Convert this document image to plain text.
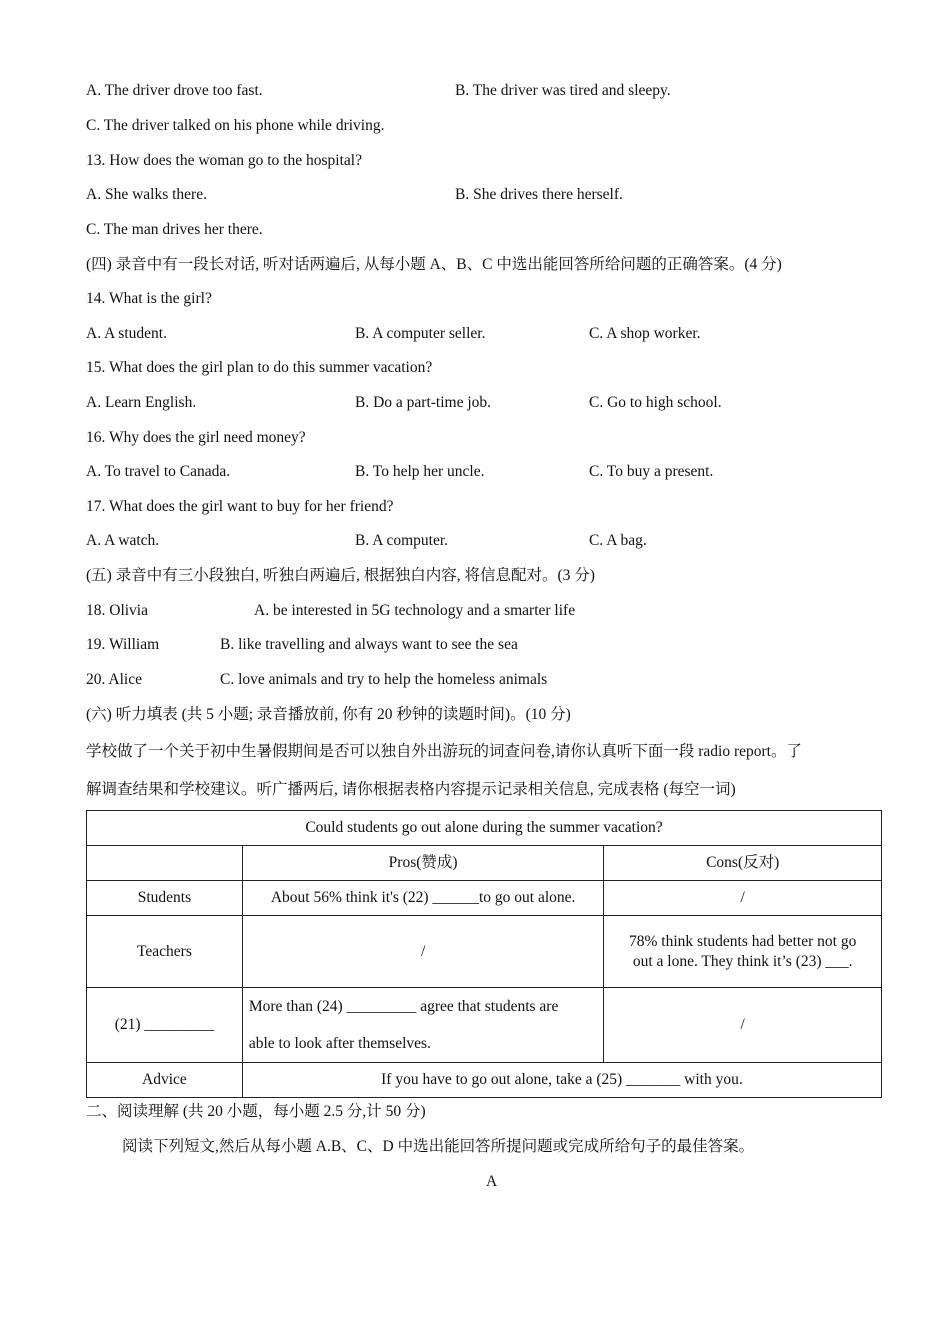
A. The driver drove too fast.	B. The driver was tired and sleepy.
C. The driver talked on his phone while driving.
13. How does the woman go to the hospital?
A. She walks there.	B. She drives there herself.
C. The man drives her there.
(四) 录音中有一段长对话, 听对话两遍后, 从每小题 A、B、C 中选出能回答所给问题的正确答案。(4 分)
14. What is the girl?
A. A student.	B. A computer seller.	C. A shop worker.
15. What does the girl plan to do this summer vacation?
A. Learn English.	B. Do a part-time job.	C. Go to high school.
16. Why does the girl need money?
A. To travel to Canada.	B. To help her uncle.	C. To buy a present.
17. What does the girl want to buy for her friend?
A. A watch.	B. A computer.	C. A bag.
(五) 录音中有三小段独白, 听独白两遍后, 根据独白内容, 将信息配对。(3 分)
18. Olivia	A. be interested in 5G technology and a smarter life
19. William	B. like travelling and always want to see the sea
20. Alice	C. love animals and try to help the homeless animals
(六) 听力填表 (共 5 小题; 录音播放前, 你有 20 秒钟的读题时间)。(10 分)
学校做了一个关于初中生暑假期间是否可以独自外出游玩的词查问卷,请你认真听下面一段 radio report。了
解调查结果和学校建议。听广播两后, 请你根据表格内容提示记录相关信息, 完成表格 (每空一词)
Could students go out alone during the summer vacation?		
	Pros(赞成)	Cons(反对)
Students	About 56% think it's (22) ______to go out alone.	/
Teachers	/	78% think students had better not go
out a lone. They think it’s (23) ___.

(21) _________	More than (24) _________ agree that students are
able to look after themselves.	/
Advice	If you have to go out alone, take a (25) _______ with you.	
二、阅读理解 (共 20 小题，每小题 2.5 分,计 50 分)
阅读下列短文,然后从每小题 A.B、C、D 中选出能回答所提问题或完成所给句子的最佳答案。
A
